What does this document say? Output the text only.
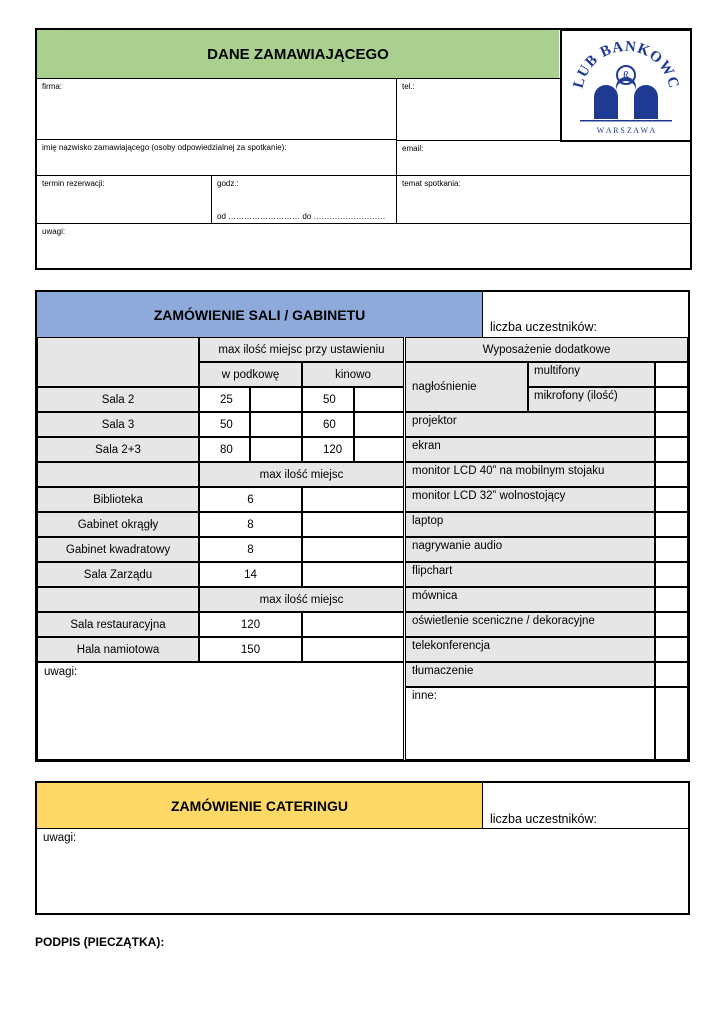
DANE ZAMAWIAJĄCEGO
LUB BANKOWC
ß
W A R S Z A W A
firma:	tel.:
imię nazwisko zamawiającego (osoby odpowiedzialnej za spotkanie):	email:
termin rezerwacji:	godz.:
od ……………………… do ………………………
temat spotkania:
uwagi:
ZAMÓWIENIE SALI / GABINETU
liczba uczestników:
max ilość miejsc przy ustawieniu
w podkowę	kinowo
Sala 2	25	50
Sala 3	50	60
Sala 2+3	80	120
max ilość miejsc
Biblioteka	6
Gabinet okrągły	8
Gabinet kwadratowy	8
Sala Zarządu	14
max ilość miejsc
Sala restauracyjna	120
Hala namiotowa	150
uwagi:
Wyposażenie dodatkowe
nagłośnienie
multifony
mikrofony (ilość)
projektor
ekran
monitor LCD 40” na mobilnym stojaku
monitor LCD 32” wolnostojący
laptop
nagrywanie audio
flipchart
mównica
oświetlenie sceniczne / dekoracyjne
telekonferencja
tłumaczenie
inne:
ZAMÓWIENIE CATERINGU
liczba uczestników:
uwagi:
PODPIS (PIECZĄTKA):
